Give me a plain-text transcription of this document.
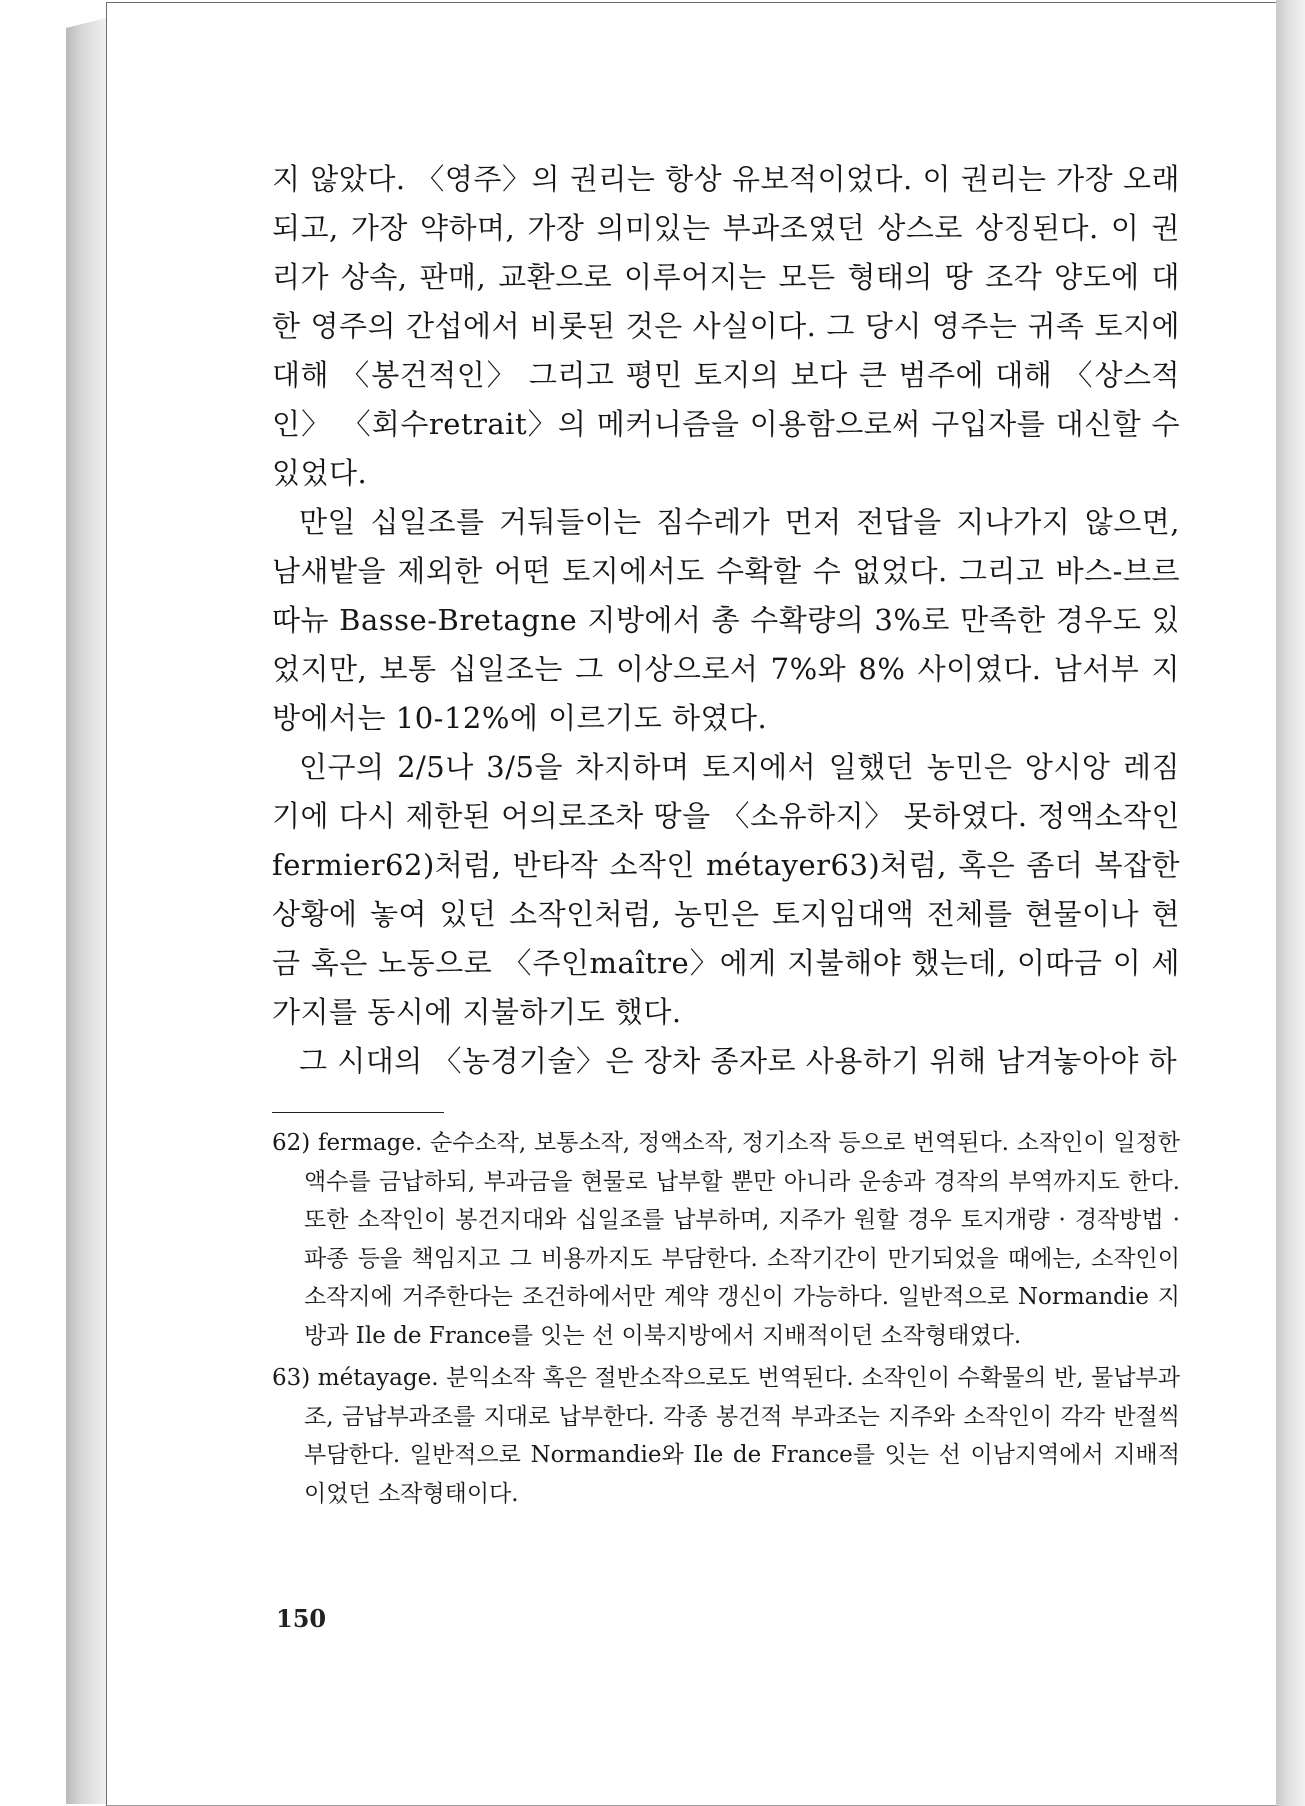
지 않았다. 〈영주〉의 권리는 항상 유보적이었다. 이 권리는 가장 오래되고, 가장 약하며, 가장 의미있는 부과조였던 상스로 상징된다. 이 권리가 상속, 판매, 교환으로 이루어지는 모든 형태의 땅 조각 양도에 대한 영주의 간섭에서 비롯된 것은 사실이다. 그 당시 영주는 귀족 토지에 대해 〈봉건적인〉 그리고 평민 토지의 보다 큰 범주에 대해 〈상스적인〉 〈회수retrait〉의 메커니즘을 이용함으로써 구입자를 대신할 수 있었다.

만일 십일조를 거둬들이는 짐수레가 먼저 전답을 지나가지 않으면, 남새밭을 제외한 어떤 토지에서도 수확할 수 없었다. 그리고 바스-브르따뉴 Basse-Bretagne 지방에서 총 수확량의 3%로 만족한 경우도 있었지만, 보통 십일조는 그 이상으로서 7%와 8% 사이였다. 남서부 지방에서는 10-12%에 이르기도 하였다.

인구의 2/5나 3/5을 차지하며 토지에서 일했던 농민은 앙시앙 레짐기에 다시 제한된 어의로조차 땅을 〈소유하지〉 못하였다. 정액소작인 fermier62)처럼, 반타작 소작인 métayer63)처럼, 혹은 좀더 복잡한 상황에 놓여 있던 소작인처럼, 농민은 토지임대액 전체를 현물이나 현금 혹은 노동으로 〈주인maître〉에게 지불해야 했는데, 이따금 이 세 가지를 동시에 지불하기도 했다.

그 시대의 〈농경기술〉은 장차 종자로 사용하기 위해 남겨놓아야 하

62) fermage. 순수소작, 보통소작, 정액소작, 정기소작 등으로 번역된다. 소작인이 일정한 액수를 금납하되, 부과금을 현물로 납부할 뿐만 아니라 운송과 경작의 부역까지도 한다. 또한 소작인이 봉건지대와 십일조를 납부하며, 지주가 원할 경우 토지개량 · 경작방법 · 파종 등을 책임지고 그 비용까지도 부담한다. 소작기간이 만기되었을 때에는, 소작인이 소작지에 거주한다는 조건하에서만 계약 갱신이 가능하다. 일반적으로 Normandie 지방과 Ile de France를 잇는 선 이북지방에서 지배적이던 소작형태였다.

63) métayage. 분익소작 혹은 절반소작으로도 번역된다. 소작인이 수확물의 반, 물납부과조, 금납부과조를 지대로 납부한다. 각종 봉건적 부과조는 지주와 소작인이 각각 반절씩 부담한다. 일반적으로 Normandie와 Ile de France를 잇는 선 이남지역에서 지배적이었던 소작형태이다.

150
